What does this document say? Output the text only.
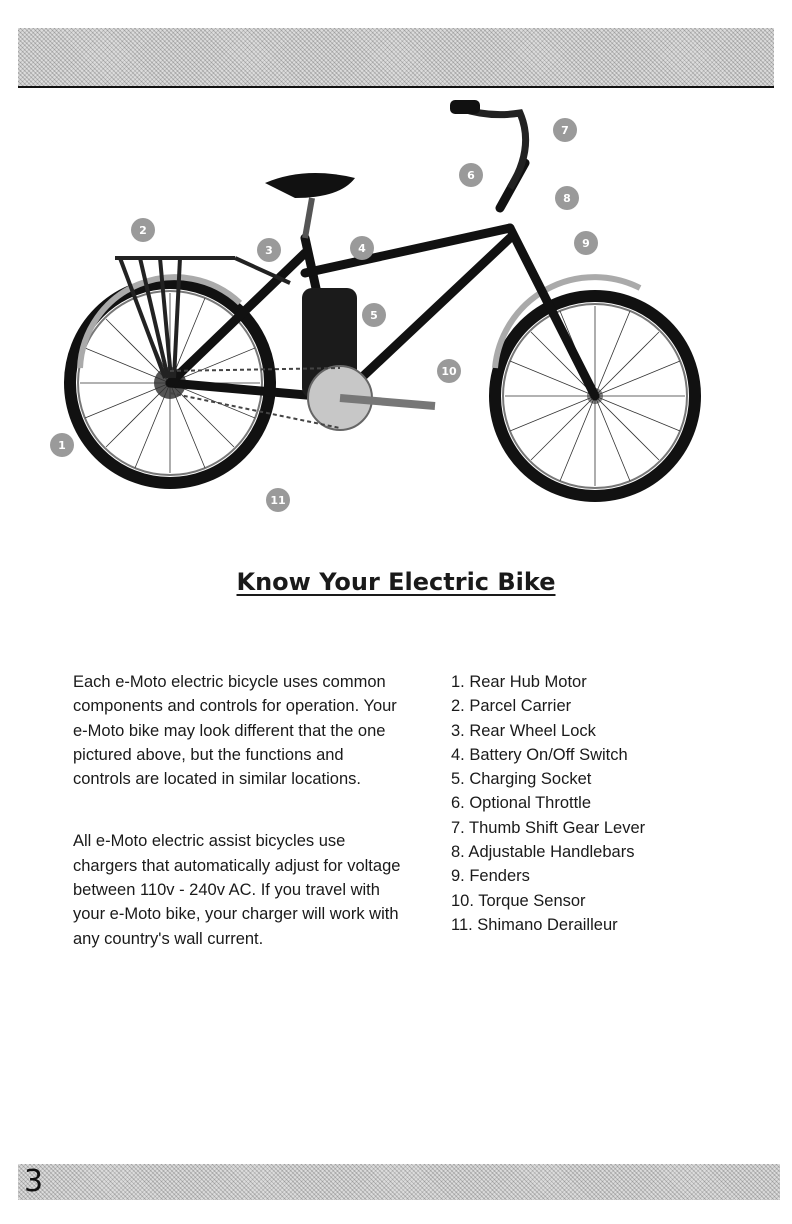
1
2
3	4
5
6
7
8
9
10
11
Know Your Electric Bike

Each e-Moto electric bicycle uses common components and controls for operation. Your e-Moto bike may look different that the one pictured above, but the functions and controls are located in similar locations.

All e-Moto electric assist bicycles use chargers that automatically adjust for voltage between 110v - 240v AC. If you travel with your e-Moto bike, your charger will work with any country's wall current.

1. Rear Hub Motor
2. Parcel Carrier
3. Rear Wheel Lock
4. Battery On/Off Switch
5. Charging Socket
6. Optional Throttle
7. Thumb Shift Gear Lever
8. Adjustable Handlebars
9. Fenders
10. Torque Sensor
11. Shimano Derailleur
3
